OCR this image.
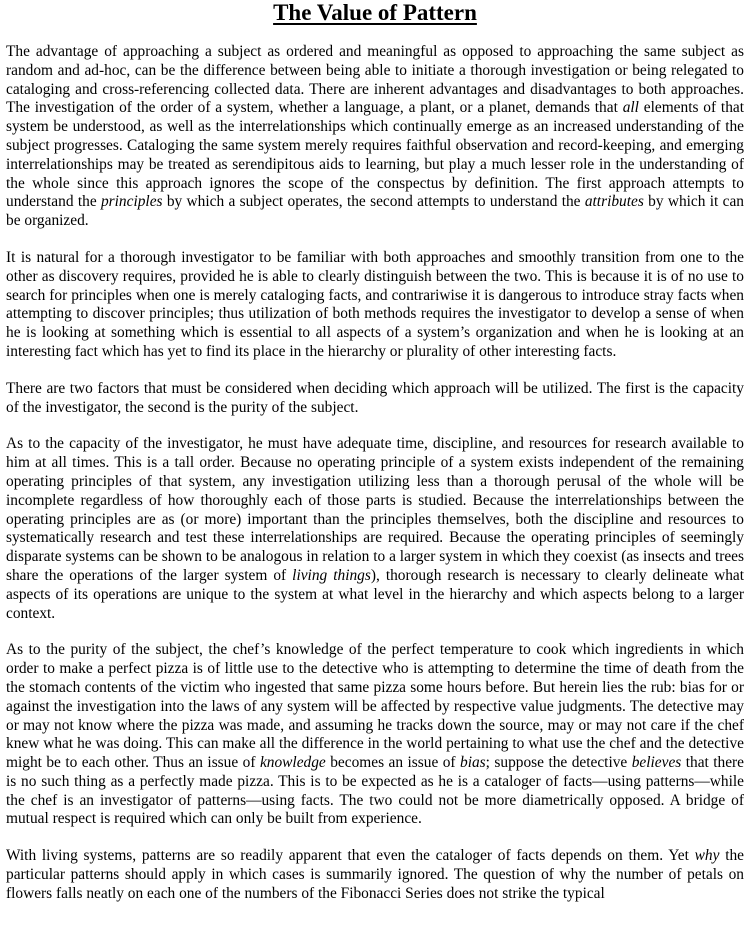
The Value of Pattern

The advantage of approaching a subject as ordered and meaningful as opposed to approaching the same subject as random and ad-hoc, can be the difference between being able to initiate a thorough investigation or being relegated to cataloging and cross-referencing collected data. There are inherent advantages and disadvantages to both approaches. The investigation of the order of a system, whether a language, a plant, or a planet, demands that all elements of that system be understood, as well as the interrelationships which continually emerge as an increased understanding of the subject progresses. Cataloging the same system merely requires faithful observation and record-keeping, and emerging interrelationships may be treated as serendipitous aids to learning, but play a much lesser role in the understanding of the whole since this approach ignores the scope of the conspectus by definition. The first approach attempts to understand the principles by which a subject operates, the second attempts to understand the attributes by which it can be organized.

It is natural for a thorough investigator to be familiar with both approaches and smoothly transition from one to the other as discovery requires, provided he is able to clearly distinguish between the two. This is because it is of no use to search for principles when one is merely cataloging facts, and contrariwise it is dangerous to introduce stray facts when attempting to discover principles; thus utilization of both methods requires the investigator to develop a sense of when he is looking at something which is essential to all aspects of a system’s organization and when he is looking at an interesting fact which has yet to find its place in the hierarchy or plurality of other interesting facts.

There are two factors that must be considered when deciding which approach will be utilized. The first is the capacity of the investigator, the second is the purity of the subject.

As to the capacity of the investigator, he must have adequate time, discipline, and resources for research available to him at all times. This is a tall order. Because no operating principle of a system exists independent of the remaining operating principles of that system, any investigation utilizing less than a thorough perusal of the whole will be incomplete regardless of how thoroughly each of those parts is studied. Because the interrelationships between the operating principles are as (or more) important than the principles themselves, both the discipline and resources to systematically research and test these interrelationships are required. Because the operating principles of seemingly disparate systems can be shown to be analogous in relation to a larger system in which they coexist (as insects and trees share the operations of the larger system of living things), thorough research is necessary to clearly delineate what aspects of its operations are unique to the system at what level in the hierarchy and which aspects belong to a larger context.

As to the purity of the subject, the chef’s knowledge of the perfect temperature to cook which ingredients in which order to make a perfect pizza is of little use to the detective who is attempting to determine the time of death from the the stomach contents of the victim who ingested that same pizza some hours before. But herein lies the rub: bias for or against the investigation into the laws of any system will be affected by respective value judgments. The detective may or may not know where the pizza was made, and assuming he tracks down the source, may or may not care if the chef knew what he was doing. This can make all the difference in the world pertaining to what use the chef and the detective might be to each other. Thus an issue of knowledge becomes an issue of bias; suppose the detective believes that there is no such thing as a perfectly made pizza. This is to be expected as he is a cataloger of facts—using patterns—while the chef is an investigator of patterns—using facts. The two could not be more diametrically opposed. A bridge of mutual respect is required which can only be built from experience.

With living systems, patterns are so readily apparent that even the cataloger of facts depends on them. Yet why the particular patterns should apply in which cases is summarily ignored. The question of why the number of petals on flowers falls neatly on each one of the numbers of the Fibonacci Series does not strike the typical
